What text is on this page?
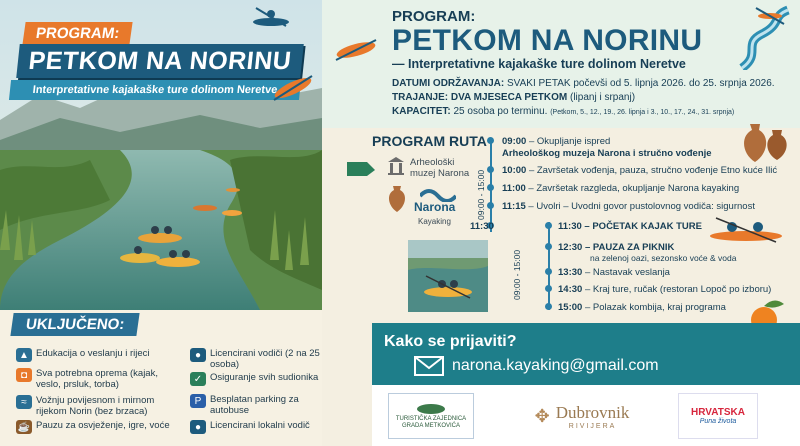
PROGRAM:
PETKOM NA NORINU
Interpretativne kajakaške ture dolinom Neretve
UKLJUČENO:
▲ Edukacija o veslanju i rijeci
◘ Sva potrebna oprema (kajak, veslo, prsluk, torba)
≈ Vožnju povijesnom i mirnom rijekom Norin (bez brzaca)
☕ Pauzu za osvježenje, igre, voće
● Licencirani vodiči (2 na 25 osoba)
✓ Osiguranje svih sudionika
P Besplatan parking za autobuse
● Licencirani lokalni vodič
PROGRAM:
PETKOM NA NORINU
— Interpretativne kajakaške ture dolinom Neretve
DATUMI ODRŽAVANJA: SVAKI PETAK počevši od 5. lipnja 2026. do 25. srpnja 2026.
TRAJANJE: DVA MJESECA PETKOM (lipanj i srpanj)
KAPACITET: 25 osoba po terminu. (Petkom, 5., 12., 19., 26. lipnja i 3., 10., 17., 24., 31. srpnja)
PROGRAM RUTA
Arheološki muzej Narona
Narona
Kayaking
09:00 - 15:00
09:00 – Okupljanje ispred
Arheološkog muzeja Narona i stručno vođenje
10:00 – Završetak vođenja, pauza, stručno vođenje Etno kuće Ilić
11:00 – Završetak razgleda, okupljanje Narona kayaking
11:15 – Uvolri – Uvodni govor pustolovnog vodiča: sigurnost
11:30
09:00 - 15:00
11:30 – POČETAK KAJAK TURE
12:30 – PAUZA ZA PIKNIK
na zelenoj oazi, sezonsko voće & voda
13:30 – Nastavak veslanja
14:30 – Kraj ture, ručak (restoran Lopoč po izboru)
15:00 – Polazak kombija, kraj programa
Kako se prijaviti?
narona.kayaking@gmail.com
TURISTIČKA ZAJEDNICA GRADA METKOVIĆA
✥ Dubrovnik
RIVIJERA
HRVATSKA
Puna života
